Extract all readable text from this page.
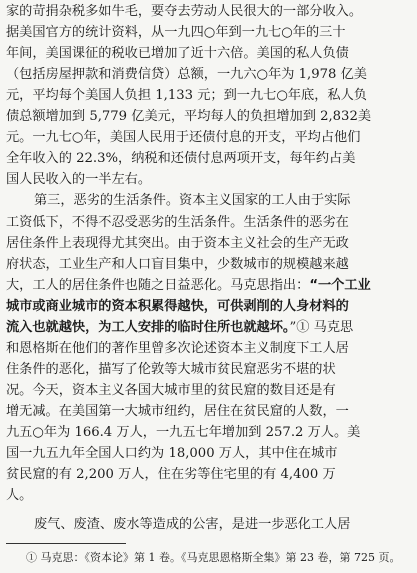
家的苛捐杂税多如牛毛，要夺去劳动人民很大的一部分收入。
据美国官方的统计资料，从一九四○年到一九七○年的三十
年间，美国课征的税收已增加了近十六倍。美国的私人负债
（包括房屋押款和消费信贷）总额，一九六○年为 1,978 亿美
元，平均每个美国人负担 1,133 元；到一九七○年底，私人负
债总额增加到 5,779 亿美元，平均每人的负担增加到 2,832美
元。一九七○年，美国人民用于还债付息的开支，平均占他们
全年收入的 22.3%，纳税和还债付息两项开支，每年约占美
国人民收入的一半左右。
第三，恶劣的生活条件。资本主义国家的工人由于实际
工资低下，不得不忍受恶劣的生活条件。生活条件的恶劣在
居住条件上表现得尤其突出。由于资本主义社会的生产无政
府状态，工业生产和人口盲目集中，少数城市的规模越来越
大，工人的居住条件也随之日益恶化。马克思指出：“一个工业
城市或商业城市的资本积累得越快，可供剥削的人身材料的
流入也就越快，为工人安排的临时住所也就越坏。”① 马克思
和恩格斯在他们的著作里曾多次论述资本主义制度下工人居
住条件的恶化，描写了伦敦等大城市贫民窟恶劣不堪的状
况。今天，资本主义各国大城市里的贫民窟的数目还是有
增无减。在美国第一大城市纽约，居住在贫民窟的人数，一
九五○年为 166.4 万人，一九五七年增加到 257.2 万人。美
国一九五九年全国人口约为 18,000 万人，其中住在城市
贫民窟的有 2,200 万人，住在劣等住宅里的有 4,400 万
人。
废气、废渣、废水等造成的公害，是进一步恶化工人居
① 马克思：《资本论》第 1 卷。《马克思恩格斯全集》第 23 卷，第 725 页。
